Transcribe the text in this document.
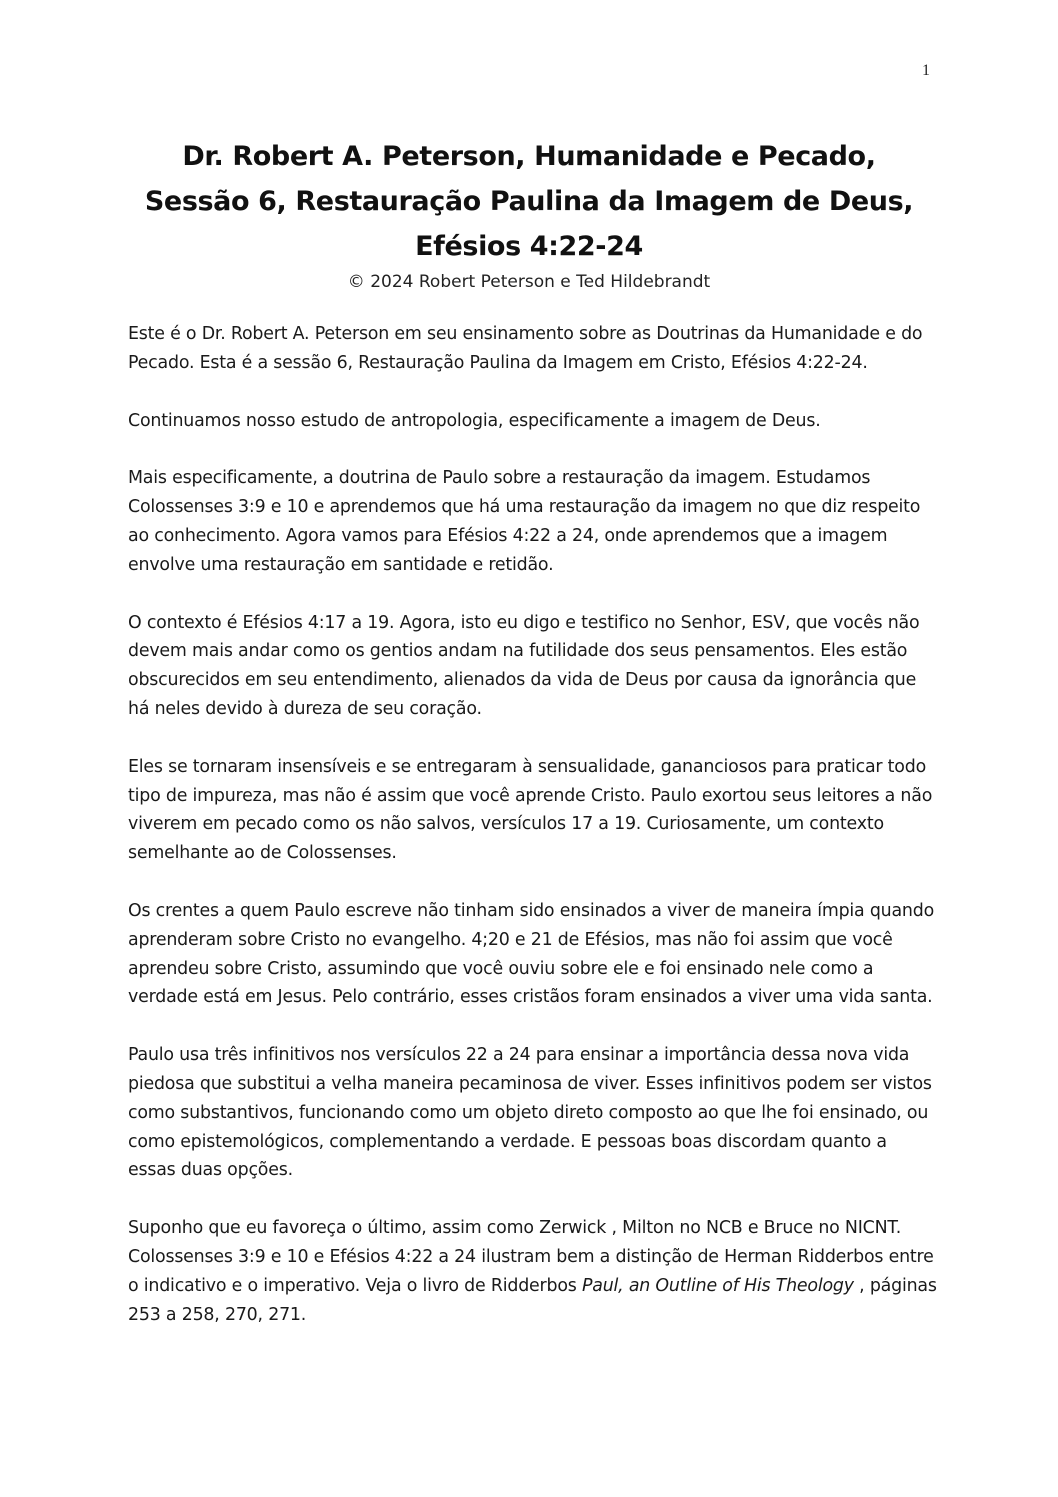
1
Dr. Robert A. Peterson, Humanidade e Pecado,
Sessão 6, Restauração Paulina da Imagem de Deus,
Efésios 4:22-24
© 2024 Robert Peterson e Ted Hildebrandt

Este é o Dr. Robert A. Peterson em seu ensinamento sobre as Doutrinas da Humanidade e do Pecado. Esta é a sessão 6, Restauração Paulina da Imagem em Cristo, Efésios 4:22-24.

Continuamos nosso estudo de antropologia, especificamente a imagem de Deus.

Mais especificamente, a doutrina de Paulo sobre a restauração da imagem. Estudamos Colossenses 3:9 e 10 e aprendemos que há uma restauração da imagem no que diz respeito ao conhecimento. Agora vamos para Efésios 4:22 a 24, onde aprendemos que a imagem envolve uma restauração em santidade e retidão.

O contexto é Efésios 4:17 a 19. Agora, isto eu digo e testifico no Senhor, ESV, que vocês não devem mais andar como os gentios andam na futilidade dos seus pensamentos. Eles estão obscurecidos em seu entendimento, alienados da vida de Deus por causa da ignorância que há neles devido à dureza de seu coração.

Eles se tornaram insensíveis e se entregaram à sensualidade, gananciosos para praticar todo tipo de impureza, mas não é assim que você aprende Cristo. Paulo exortou seus leitores a não viverem em pecado como os não salvos, versículos 17 a 19. Curiosamente, um contexto semelhante ao de Colossenses.

Os crentes a quem Paulo escreve não tinham sido ensinados a viver de maneira ímpia quando aprenderam sobre Cristo no evangelho. 4;20 e 21 de Efésios, mas não foi assim que você aprendeu sobre Cristo, assumindo que você ouviu sobre ele e foi ensinado nele como a verdade está em Jesus. Pelo contrário, esses cristãos foram ensinados a viver uma vida santa.

Paulo usa três infinitivos nos versículos 22 a 24 para ensinar a importância dessa nova vida piedosa que substitui a velha maneira pecaminosa de viver. Esses infinitivos podem ser vistos como substantivos, funcionando como um objeto direto composto ao que lhe foi ensinado, ou como epistemológicos, complementando a verdade. E pessoas boas discordam quanto a essas duas opções.

Suponho que eu favoreça o último, assim como Zerwick , Milton no NCB e Bruce no NICNT. Colossenses 3:9 e 10 e Efésios 4:22 a 24 ilustram bem a distinção de Herman Ridderbos entre o indicativo e o imperativo. Veja o livro de Ridderbos Paul, an Outline of His Theology , páginas 253 a 258, 270, 271.
